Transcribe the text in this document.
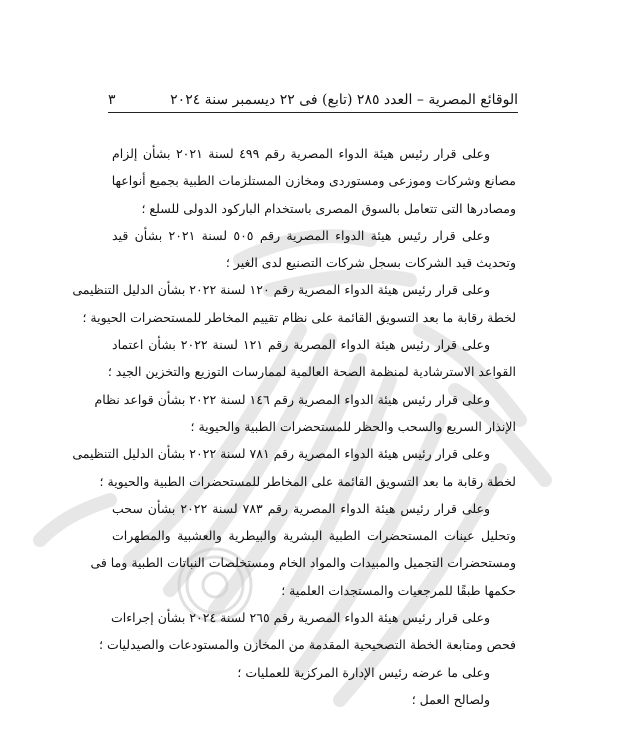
الوقائع المصرية – العدد ٢٨٥ (تابع) فى ٢٢ ديسمبر سنة ٢٠٢٤
٣
وعلى قرار رئيس هيئة الدواء المصرية رقم ٤٩٩ لسنة ٢٠٢١ بشأن إلزام
مصانع وشركات وموزعى ومستوردى ومخازن المستلزمات الطبية بجميع أنواعها
ومصادرها التى تتعامل بالسوق المصرى باستخدام الباركود الدولى للسلع ؛
وعلى قرار رئيس هيئة الدواء المصرية رقم ٥٠٥ لسنة ٢٠٢١ بشأن قيد
وتحديث قيد الشركات بسجل شركات التصنيع لدى الغير ؛
وعلى قرار رئيس هيئة الدواء المصرية رقم ١٢٠ لسنة ٢٠٢٢ بشأن الدليل التنظيمى
لخطة رقابة ما بعد التسويق القائمة على نظام تقييم المخاطر للمستحضرات الحيوية ؛
وعلى قرار رئيس هيئة الدواء المصرية رقم ١٢١ لسنة ٢٠٢٢ بشأن اعتماد
القواعد الاسترشادية لمنظمة الصحة العالمية لممارسات التوزيع والتخزين الجيد ؛
وعلى قرار رئيس هيئة الدواء المصرية رقم ١٤٦ لسنة ٢٠٢٢ بشأن قواعد نظام
الإنذار السريع والسحب والحظر للمستحضرات الطبية والحيوية ؛
وعلى قرار رئيس هيئة الدواء المصرية رقم ٧٨١ لسنة ٢٠٢٢ بشأن الدليل التنظيمى
لخطة رقابة ما بعد التسويق القائمة على المخاطر للمستحضرات الطبية والحيوية ؛
وعلى قرار رئيس هيئة الدواء المصرية رقم ٧٨٣ لسنة ٢٠٢٢ بشأن سحب
وتحليل عينات المستحضرات الطبية البشرية والبيطرية والعشبية والمطهرات
ومستحضرات التجميل والمبيدات والمواد الخام ومستخلصات النباتات الطبية وما فى
حكمها طبقًا للمرجعيات والمستجدات العلمية ؛
وعلى قرار رئيس هيئة الدواء المصرية رقم ٢٦٥ لسنة ٢٠٢٤ بشأن إجراءات
فحص ومتابعة الخطة التصحيحية المقدمة من المخازن والمستودعات والصيدليات ؛
وعلى ما عرضه رئيس الإدارة المركزية للعمليات ؛
ولصالح العمل ؛
